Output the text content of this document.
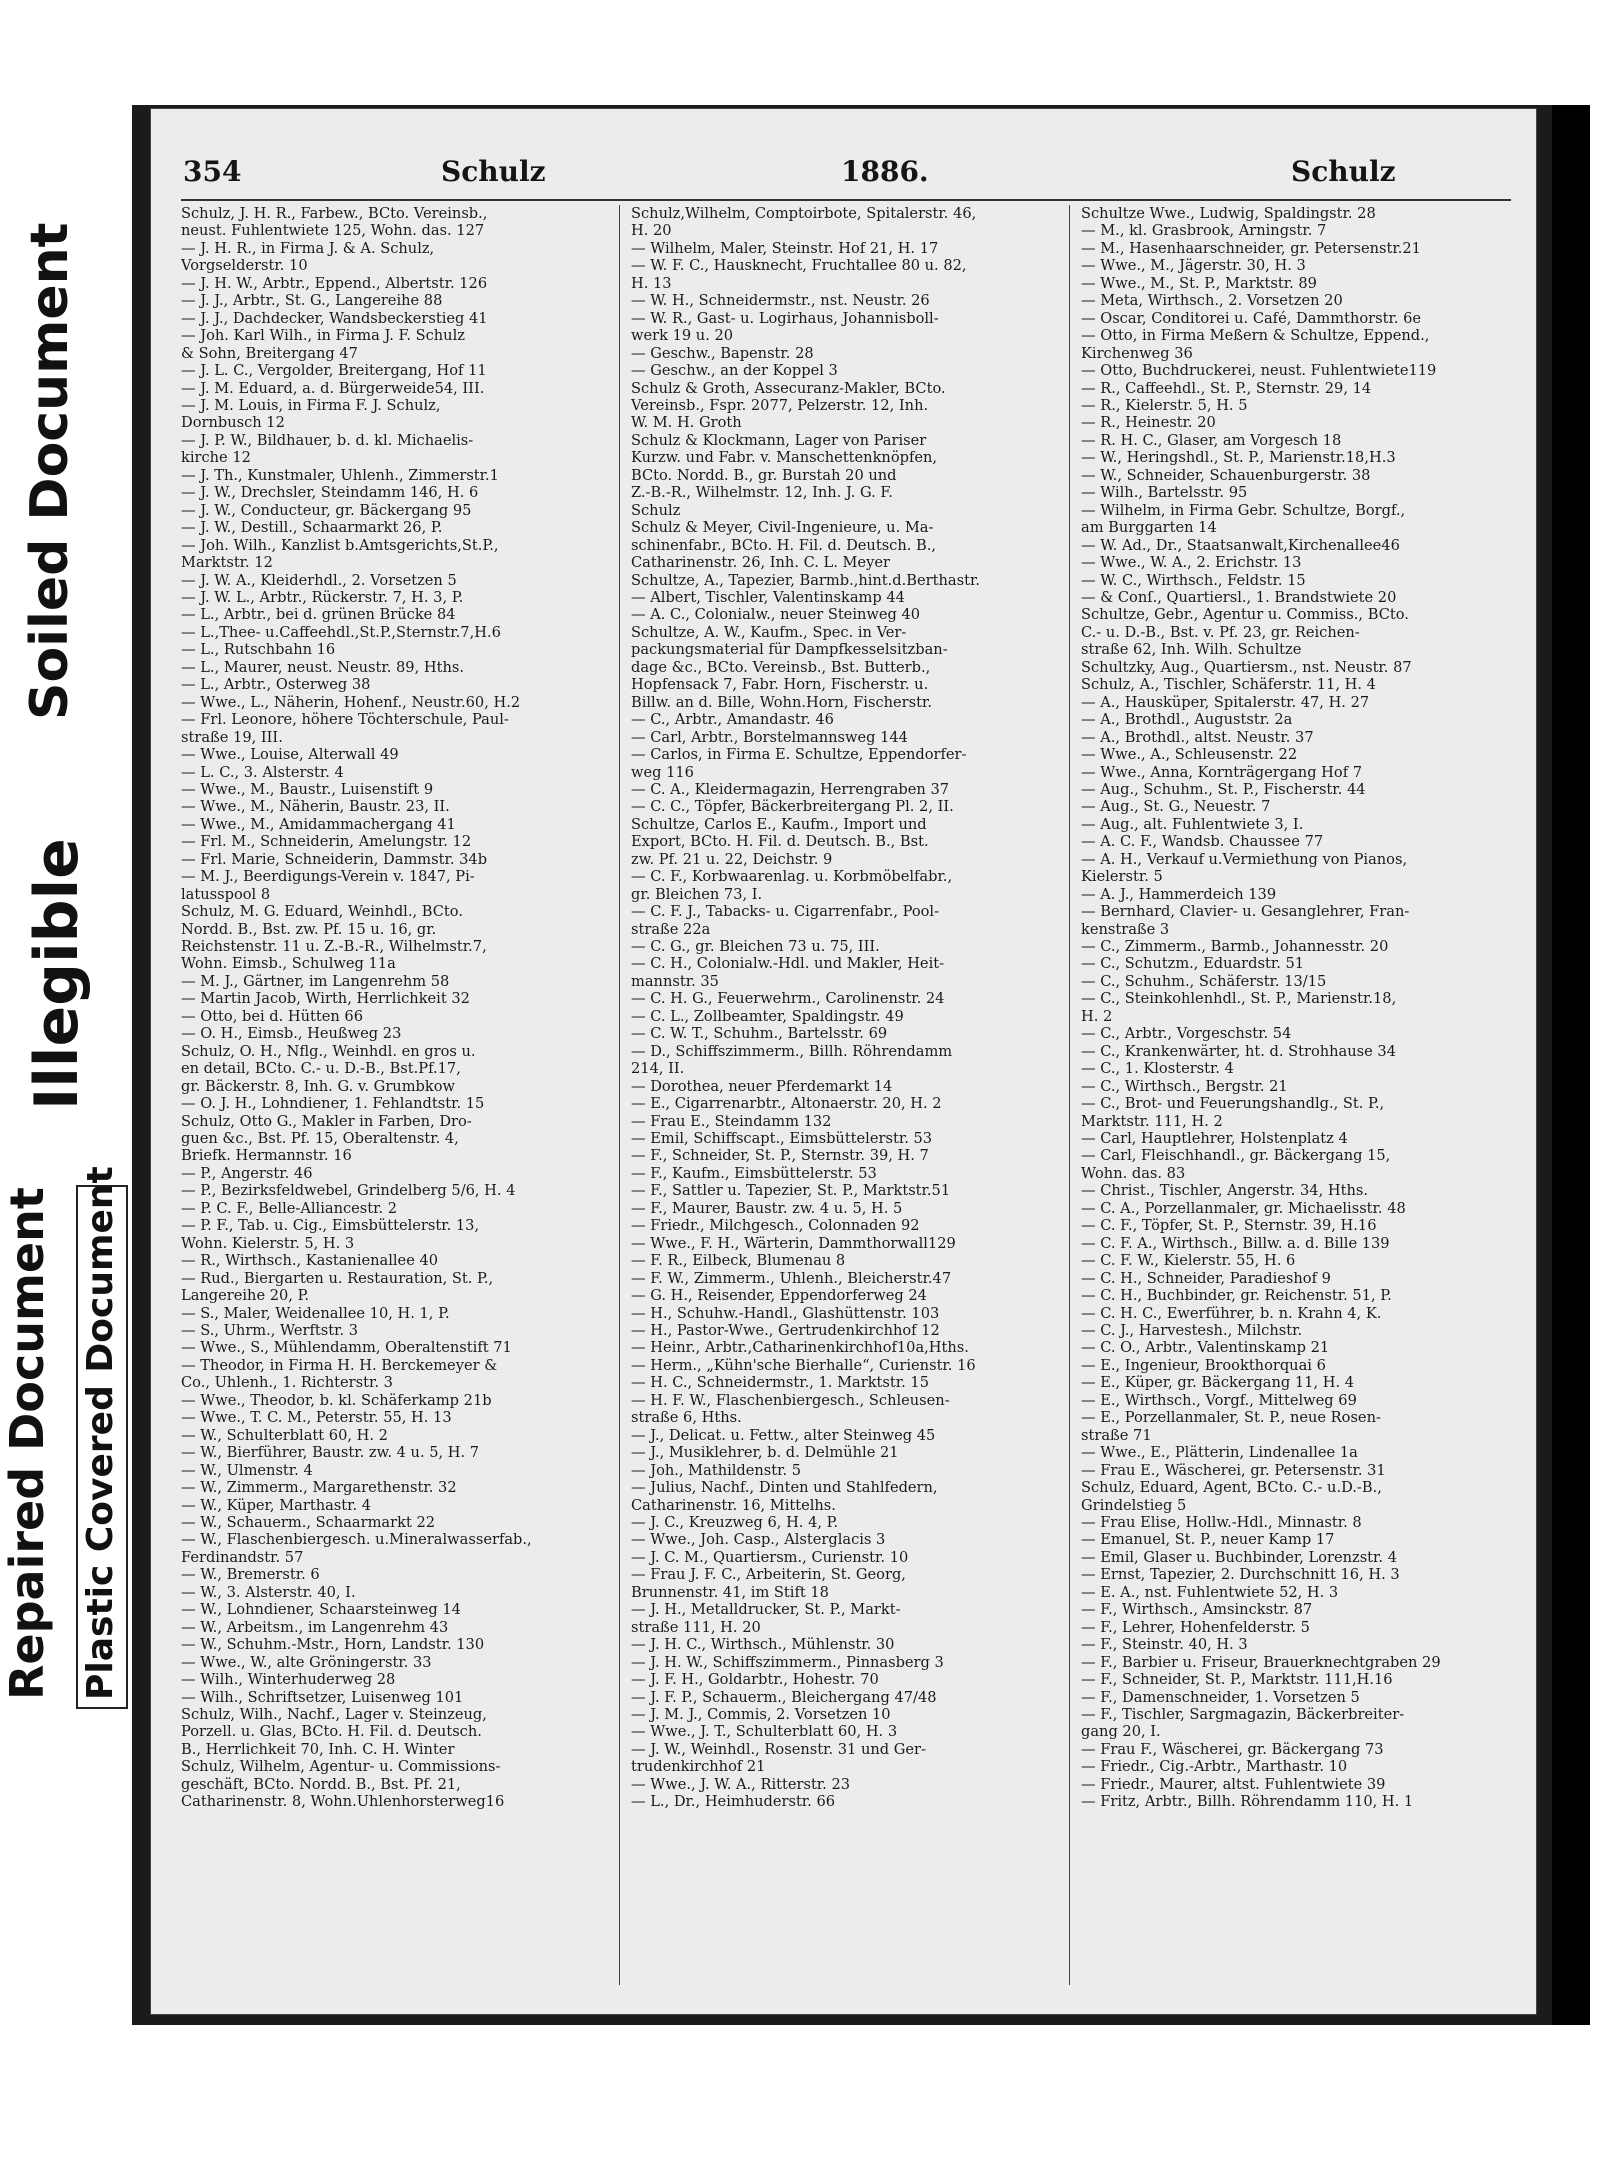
Soiled Document
Illegible
Repaired Document Plastic Covered Document
354	Schulz	1886.	Schulz
Schulz, J. H. R., Farbew., BCto. Vereinsb.,
neust. Fuhlentwiete 125, Wohn. das. 127
— J. H. R., in Firma J. & A. Schulz,
Vorgselderstr. 10
— J. H. W., Arbtr., Eppend., Albertstr. 126
— J. J., Arbtr., St. G., Langereihe 88
— J. J., Dachdecker, Wandsbeckerstieg 41
— Joh. Karl Wilh., in Firma J. F. Schulz
& Sohn, Breitergang 47
— J. L. C., Vergolder, Breitergang, Hof 11
— J. M. Eduard, a. d. Bürgerweide54, III.
— J. M. Louis, in Firma F. J. Schulz,
Dornbusch 12
— J. P. W., Bildhauer, b. d. kl. Michaelis-
kirche 12
— J. Th., Kunstmaler, Uhlenh., Zimmerstr.1
— J. W., Drechsler, Steindamm 146, H. 6
— J. W., Conducteur, gr. Bäckergang 95
— J. W., Destill., Schaarmarkt 26, P.
— Joh. Wilh., Kanzlist b.Amtsgerichts,St.P.,
Marktstr. 12
— J. W. A., Kleiderhdl., 2. Vorsetzen 5
— J. W. L., Arbtr., Rückerstr. 7, H. 3, P.
— L., Arbtr., bei d. grünen Brücke 84
— L.,Thee- u.Caffeehdl.,St.P.,Sternstr.7,H.6
— L., Rutschbahn 16
— L., Maurer, neust. Neustr. 89, Hths.
— L., Arbtr., Osterweg 38
— Wwe., L., Näherin, Hohenf., Neustr.60, H.2
— Frl. Leonore, höhere Töchterschule, Paul-
straße 19, III.
— Wwe., Louise, Alterwall 49
— L. C., 3. Alsterstr. 4
— Wwe., M., Baustr., Luisenstift 9
— Wwe., M., Näherin, Baustr. 23, II.
— Wwe., M., Amidammachergang 41
— Frl. M., Schneiderin, Amelungstr. 12
— Frl. Marie, Schneiderin, Dammstr. 34b
— M. J., Beerdigungs-Verein v. 1847, Pi-
latusspool 8
Schulz, M. G. Eduard, Weinhdl., BCto.
Nordd. B., Bst. zw. Pf. 15 u. 16, gr.
Reichstenstr. 11 u. Z.-B.-R., Wilhelmstr.7,
Wohn. Eimsb., Schulweg 11a
— M. J., Gärtner, im Langenrehm 58
— Martin Jacob, Wirth, Herrlichkeit 32
— Otto, bei d. Hütten 66
— O. H., Eimsb., Heußweg 23
Schulz, O. H., Nflg., Weinhdl. en gros u.
en detail, BCto. C.- u. D.-B., Bst.Pf.17,
gr. Bäckerstr. 8, Inh. G. v. Grumbkow
— O. J. H., Lohndiener, 1. Fehlandtstr. 15
Schulz, Otto G., Makler in Farben, Dro-
guen &c., Bst. Pf. 15, Oberaltenstr. 4,
Briefk. Hermannstr. 16
— P., Angerstr. 46
— P., Bezirksfeldwebel, Grindelberg 5/6, H. 4
— P. C. F., Belle-Alliancestr. 2
— P. F., Tab. u. Cig., Eimsbüttelerstr. 13,
Wohn. Kielerstr. 5, H. 3
— R., Wirthsch., Kastanienallee 40
— Rud., Biergarten u. Restauration, St. P.,
Langereihe 20, P.
— S., Maler, Weidenallee 10, H. 1, P.
— S., Uhrm., Werftstr. 3
— Wwe., S., Mühlendamm, Oberaltenstift 71
— Theodor, in Firma H. H. Berckemeyer &
Co., Uhlenh., 1. Richterstr. 3
— Wwe., Theodor, b. kl. Schäferkamp 21b
— Wwe., T. C. M., Peterstr. 55, H. 13
— W., Schulterblatt 60, H. 2
— W., Bierführer, Baustr. zw. 4 u. 5, H. 7
— W., Ulmenstr. 4
— W., Zimmerm., Margarethenstr. 32
— W., Küper, Marthastr. 4
— W., Schauerm., Schaarmarkt 22
— W., Flaschenbiergesch. u.Mineralwasserfab.,
Ferdinandstr. 57
— W., Bremerstr. 6
— W., 3. Alsterstr. 40, I.
— W., Lohndiener, Schaarsteinweg 14
— W., Arbeitsm., im Langenrehm 43
— W., Schuhm.-Mstr., Horn, Landstr. 130
— Wwe., W., alte Gröningerstr. 33
— Wilh., Winterhuderweg 28
— Wilh., Schriftsetzer, Luisenweg 101
Schulz, Wilh., Nachf., Lager v. Steinzeug,
Porzell. u. Glas, BCto. H. Fil. d. Deutsch.
B., Herrlichkeit 70, Inh. C. H. Winter
Schulz, Wilhelm, Agentur- u. Commissions-
geschäft, BCto. Nordd. B., Bst. Pf. 21,
Catharinenstr. 8, Wohn.Uhlenhorsterweg16
Schulz,Wilhelm, Comptoirbote, Spitalerstr. 46,
H. 20
— Wilhelm, Maler, Steinstr. Hof 21, H. 17
— W. F. C., Hausknecht, Fruchtallee 80 u. 82,
H. 13
— W. H., Schneidermstr., nst. Neustr. 26
— W. R., Gast- u. Logirhaus, Johannisboll-
werk 19 u. 20
— Geschw., Bapenstr. 28
— Geschw., an der Koppel 3
Schulz & Groth, Assecuranz-Makler, BCto.
Vereinsb., Fspr. 2077, Pelzerstr. 12, Inh.
W. M. H. Groth
Schulz & Klockmann, Lager von Pariser
Kurzw. und Fabr. v. Manschettenknöpfen,
BCto. Nordd. B., gr. Burstah 20 und
Z.-B.-R., Wilhelmstr. 12, Inh. J. G. F.
Schulz
Schulz & Meyer, Civil-Ingenieure, u. Ma-
schinenfabr., BCto. H. Fil. d. Deutsch. B.,
Catharinenstr. 26, Inh. C. L. Meyer
Schultze, A., Tapezier, Barmb.,hint.d.Berthastr.
— Albert, Tischler, Valentinskamp 44
— A. C., Colonialw., neuer Steinweg 40
Schultze, A. W., Kaufm., Spec. in Ver-
packungsmaterial für Dampfkesselsitzban-
dage &c., BCto. Vereinsb., Bst. Butterb.,
Hopfensack 7, Fabr. Horn, Fischerstr. u.
Billw. an d. Bille, Wohn.Horn, Fischerstr.
— C., Arbtr., Amandastr. 46
— Carl, Arbtr., Borstelmannsweg 144
— Carlos, in Firma E. Schultze, Eppendorfer-
weg 116
— C. A., Kleidermagazin, Herrengraben 37
— C. C., Töpfer, Bäckerbreitergang Pl. 2, II.
Schultze, Carlos E., Kaufm., Import und
Export, BCto. H. Fil. d. Deutsch. B., Bst.
zw. Pf. 21 u. 22, Deichstr. 9
— C. F., Korbwaarenlag. u. Korbmöbelfabr.,
gr. Bleichen 73, I.
— C. F. J., Tabacks- u. Cigarrenfabr., Pool-
straße 22a
— C. G., gr. Bleichen 73 u. 75, III.
— C. H., Colonialw.-Hdl. und Makler, Heit-
mannstr. 35
— C. H. G., Feuerwehrm., Carolinenstr. 24
— C. L., Zollbeamter, Spaldingstr. 49
— C. W. T., Schuhm., Bartelsstr. 69
— D., Schiffszimmerm., Billh. Röhrendamm
214, II.
— Dorothea, neuer Pferdemarkt 14
— E., Cigarrenarbtr., Altonaerstr. 20, H. 2
— Frau E., Steindamm 132
— Emil, Schiffscapt., Eimsbüttelerstr. 53
— F., Schneider, St. P., Sternstr. 39, H. 7
— F., Kaufm., Eimsbüttelerstr. 53
— F., Sattler u. Tapezier, St. P., Marktstr.51
— F., Maurer, Baustr. zw. 4 u. 5, H. 5
— Friedr., Milchgesch., Colonnaden 92
— Wwe., F. H., Wärterin, Dammthorwall129
— F. R., Eilbeck, Blumenau 8
— F. W., Zimmerm., Uhlenh., Bleicherstr.47
— G. H., Reisender, Eppendorferweg 24
— H., Schuhw.-Handl., Glashüttenstr. 103
— H., Pastor-Wwe., Gertrudenkirchhof 12
— Heinr., Arbtr.,Catharinenkirchhof10a,Hths.
— Herm., „Kühn'sche Bierhalle“, Curienstr. 16
— H. C., Schneidermstr., 1. Marktstr. 15
— H. F. W., Flaschenbiergesch., Schleusen-
straße 6, Hths.
— J., Delicat. u. Fettw., alter Steinweg 45
— J., Musiklehrer, b. d. Delmühle 21
— Joh., Mathildenstr. 5
— Julius, Nachf., Dinten und Stahlfedern,
Catharinenstr. 16, Mittelhs.
— J. C., Kreuzweg 6, H. 4, P.
— Wwe., Joh. Casp., Alsterglacis 3
— J. C. M., Quartiersm., Curienstr. 10
— Frau J. F. C., Arbeiterin, St. Georg,
Brunnenstr. 41, im Stift 18
— J. H., Metalldrucker, St. P., Markt-
straße 111, H. 20
— J. H. C., Wirthsch., Mühlenstr. 30
— J. H. W., Schiffszimmerm., Pinnasberg 3
— J. F. H., Goldarbtr., Hohestr. 70
— J. F. P., Schauerm., Bleichergang 47/48
— J. M. J., Commis, 2. Vorsetzen 10
— Wwe., J. T., Schulterblatt 60, H. 3
— J. W., Weinhdl., Rosenstr. 31 und Ger-
trudenkirchhof 21
— Wwe., J. W. A., Ritterstr. 23
— L., Dr., Heimhuderstr. 66
Schultze Wwe., Ludwig, Spaldingstr. 28
— M., kl. Grasbrook, Arningstr. 7
— M., Hasenhaarschneider, gr. Petersenstr.21
— Wwe., M., Jägerstr. 30, H. 3
— Wwe., M., St. P., Marktstr. 89
— Meta, Wirthsch., 2. Vorsetzen 20
— Oscar, Conditorei u. Café, Dammthorstr. 6e
— Otto, in Firma Meßern & Schultze, Eppend.,
Kirchenweg 36
— Otto, Buchdruckerei, neust. Fuhlentwiete119
— R., Caffeehdl., St. P., Sternstr. 29, 14
— R., Kielerstr. 5, H. 5
— R., Heinestr. 20
— R. H. C., Glaser, am Vorgesch 18
— W., Heringshdl., St. P., Marienstr.18,H.3
— W., Schneider, Schauenburgerstr. 38
— Wilh., Bartelsstr. 95
— Wilhelm, in Firma Gebr. Schultze, Borgf.,
am Burggarten 14
— W. Ad., Dr., Staatsanwalt,Kirchenallee46
— Wwe., W. A., 2. Erichstr. 13
— W. C., Wirthsch., Feldstr. 15
— & Conſ., Quartiersl., 1. Brandstwiete 20
Schultze, Gebr., Agentur u. Commiss., BCto.
C.- u. D.-B., Bst. v. Pf. 23, gr. Reichen-
straße 62, Inh. Wilh. Schultze
Schultzky, Aug., Quartiersm., nst. Neustr. 87
Schulz, A., Tischler, Schäferstr. 11, H. 4
— A., Hausküper, Spitalerstr. 47, H. 27
— A., Brothdl., Auguststr. 2a
— A., Brothdl., altst. Neustr. 37
— Wwe., A., Schleusenstr. 22
— Wwe., Anna, Kornträgergang Hof 7
— Aug., Schuhm., St. P., Fischerstr. 44
— Aug., St. G., Neuestr. 7
— Aug., alt. Fuhlentwiete 3, I.
— A. C. F., Wandsb. Chaussee 77
— A. H., Verkauf u.Vermiethung von Pianos,
Kielerstr. 5
— A. J., Hammerdeich 139
— Bernhard, Clavier- u. Gesanglehrer, Fran-
kenstraße 3
— C., Zimmerm., Barmb., Johannesstr. 20
— C., Schutzm., Eduardstr. 51
— C., Schuhm., Schäferstr. 13/15
— C., Steinkohlenhdl., St. P., Marienstr.18,
H. 2
— C., Arbtr., Vorgeschstr. 54
— C., Krankenwärter, ht. d. Strohhause 34
— C., 1. Klosterstr. 4
— C., Wirthsch., Bergstr. 21
— C., Brot- und Feuerungshandlg., St. P.,
Marktstr. 111, H. 2
— Carl, Hauptlehrer, Holstenplatz 4
— Carl, Fleischhandl., gr. Bäckergang 15,
Wohn. das. 83
— Christ., Tischler, Angerstr. 34, Hths.
— C. A., Porzellanmaler, gr. Michaelisstr. 48
— C. F., Töpfer, St. P., Sternstr. 39, H.16
— C. F. A., Wirthsch., Billw. a. d. Bille 139
— C. F. W., Kielerstr. 55, H. 6
— C. H., Schneider, Paradieshof 9
— C. H., Buchbinder, gr. Reichenstr. 51, P.
— C. H. C., Ewerführer, b. n. Krahn 4, K.
— C. J., Harvestesh., Milchstr.
— C. O., Arbtr., Valentinskamp 21
— E., Ingenieur, Brookthorquai 6
— E., Küper, gr. Bäckergang 11, H. 4
— E., Wirthsch., Vorgf., Mittelweg 69
— E., Porzellanmaler, St. P., neue Rosen-
straße 71
— Wwe., E., Plätterin, Lindenallee 1a
— Frau E., Wäscherei, gr. Petersenstr. 31
Schulz, Eduard, Agent, BCto. C.- u.D.-B.,
Grindelstieg 5
— Frau Elise, Hollw.-Hdl., Minnastr. 8
— Emanuel, St. P., neuer Kamp 17
— Emil, Glaser u. Buchbinder, Lorenzstr. 4
— Ernst, Tapezier, 2. Durchschnitt 16, H. 3
— E. A., nst. Fuhlentwiete 52, H. 3
— F., Wirthsch., Amsinckstr. 87
— F., Lehrer, Hohenfelderstr. 5
— F., Steinstr. 40, H. 3
— F., Barbier u. Friseur, Brauerknechtgraben 29
— F., Schneider, St. P., Marktstr. 111,H.16
— F., Damenschneider, 1. Vorsetzen 5
— F., Tischler, Sargmagazin, Bäckerbreiter-
gang 20, I.
— Frau F., Wäscherei, gr. Bäckergang 73
— Friedr., Cig.-Arbtr., Marthastr. 10
— Friedr., Maurer, altst. Fuhlentwiete 39
— Fritz, Arbtr., Billh. Röhrendamm 110, H. 1
